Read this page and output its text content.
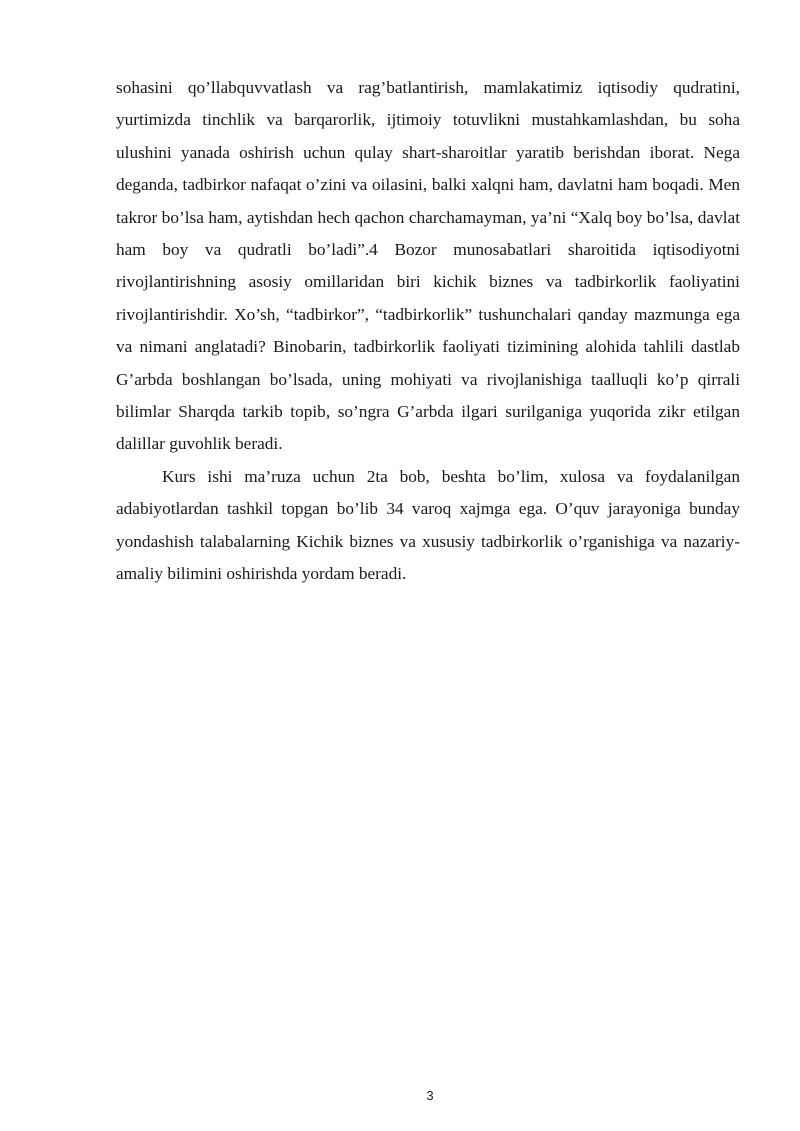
sohasini qo’llabquvvatlash va rag’batlantirish, mamlakatimiz iqtisodiy qudratini, yurtimizda tinchlik va barqarorlik, ijtimoiy totuvlikni mustahkamlashdan, bu soha ulushini yanada oshirish uchun qulay shart-sharoitlar yaratib berishdan iborat. Nega deganda, tadbirkor nafaqat o’zini va oilasini, balki xalqni ham, davlatni ham boqadi. Men takror bo’lsa ham, aytishdan hech qachon charchamayman, ya’ni “Xalq boy bo’lsa, davlat ham boy va qudratli bo’ladi”.4 Bozor munosabatlari sharoitida iqtisodiyotni rivojlantirishning asosiy omillaridan biri kichik biznes va tadbirkorlik faoliyatini rivojlantirishdir. Xo’sh, “tadbirkor”, “tadbirkorlik” tushunchalari qanday mazmunga ega va nimani anglatadi? Binobarin, tadbirkorlik faoliyati tizimining alohida tahlili dastlab G’arbda boshlangan bo’lsada, uning mohiyati va rivojlanishiga taalluqli ko’p qirrali bilimlar Sharqda tarkib topib, so’ngra G’arbda ilgari surilganiga yuqorida zikr etilgan dalillar guvohlik beradi.

Kurs ishi ma’ruza uchun 2ta bob, beshta bo’lim, xulosa va foydalanilgan adabiyotlardan tashkil topgan bo’lib 34 varoq xajmga ega. O’quv jarayoniga bunday yondashish talabalarning Kichik biznes va xususiy tadbirkorlik o’rganishiga va nazariy-amaliy bilimini oshirishda yordam beradi.

3
